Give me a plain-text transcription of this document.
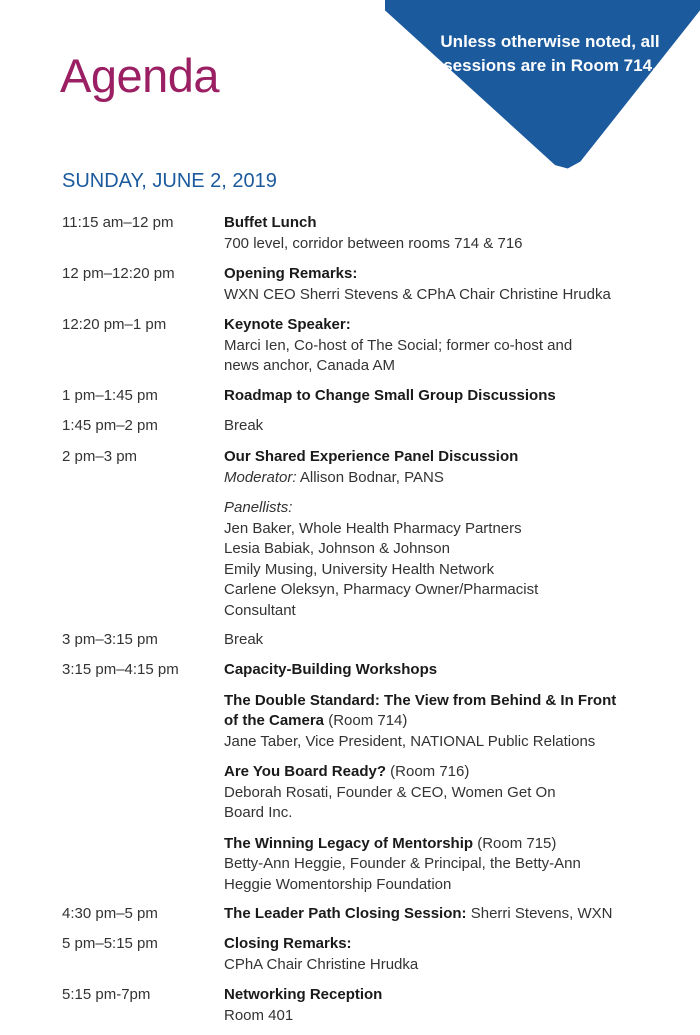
Unless otherwise noted, all sessions are in Room 714.
Agenda
SUNDAY, JUNE 2, 2019
11:15 am–12 pm	Buffet Lunch
700 level, corridor between rooms 714 & 716
12 pm–12:20 pm	Opening Remarks:
WXN CEO Sherri Stevens & CPhA Chair Christine Hrudka
12:20 pm–1 pm	Keynote Speaker:
Marci Ien, Co-host of The Social; former co-host and
news anchor, Canada AM
1 pm–1:45 pm	Roadmap to Change Small Group Discussions
1:45 pm–2 pm	Break
2 pm–3 pm	Our Shared Experience Panel Discussion
Moderator: Allison Bodnar, PANS
Panellists:
Jen Baker, Whole Health Pharmacy Partners
Lesia Babiak, Johnson & Johnson
Emily Musing, University Health Network
Carlene Oleksyn, Pharmacy Owner/Pharmacist
Consultant
3 pm–3:15 pm	Break
3:15 pm–4:15 pm	Capacity-Building Workshops
The Double Standard: The View from Behind & In Front
of the Camera (Room 714)
Jane Taber, Vice President, NATIONAL Public Relations
Are You Board Ready? (Room 716)
Deborah Rosati, Founder & CEO, Women Get On
Board Inc.
The Winning Legacy of Mentorship (Room 715)
Betty-Ann Heggie, Founder & Principal, the Betty-Ann
Heggie Womentorship Foundation
4:30 pm–5 pm	The Leader Path Closing Session: Sherri Stevens, WXN
5 pm–5:15 pm	Closing Remarks:
CPhA Chair Christine Hrudka
5:15 pm-7pm	Networking Reception
Room 401
